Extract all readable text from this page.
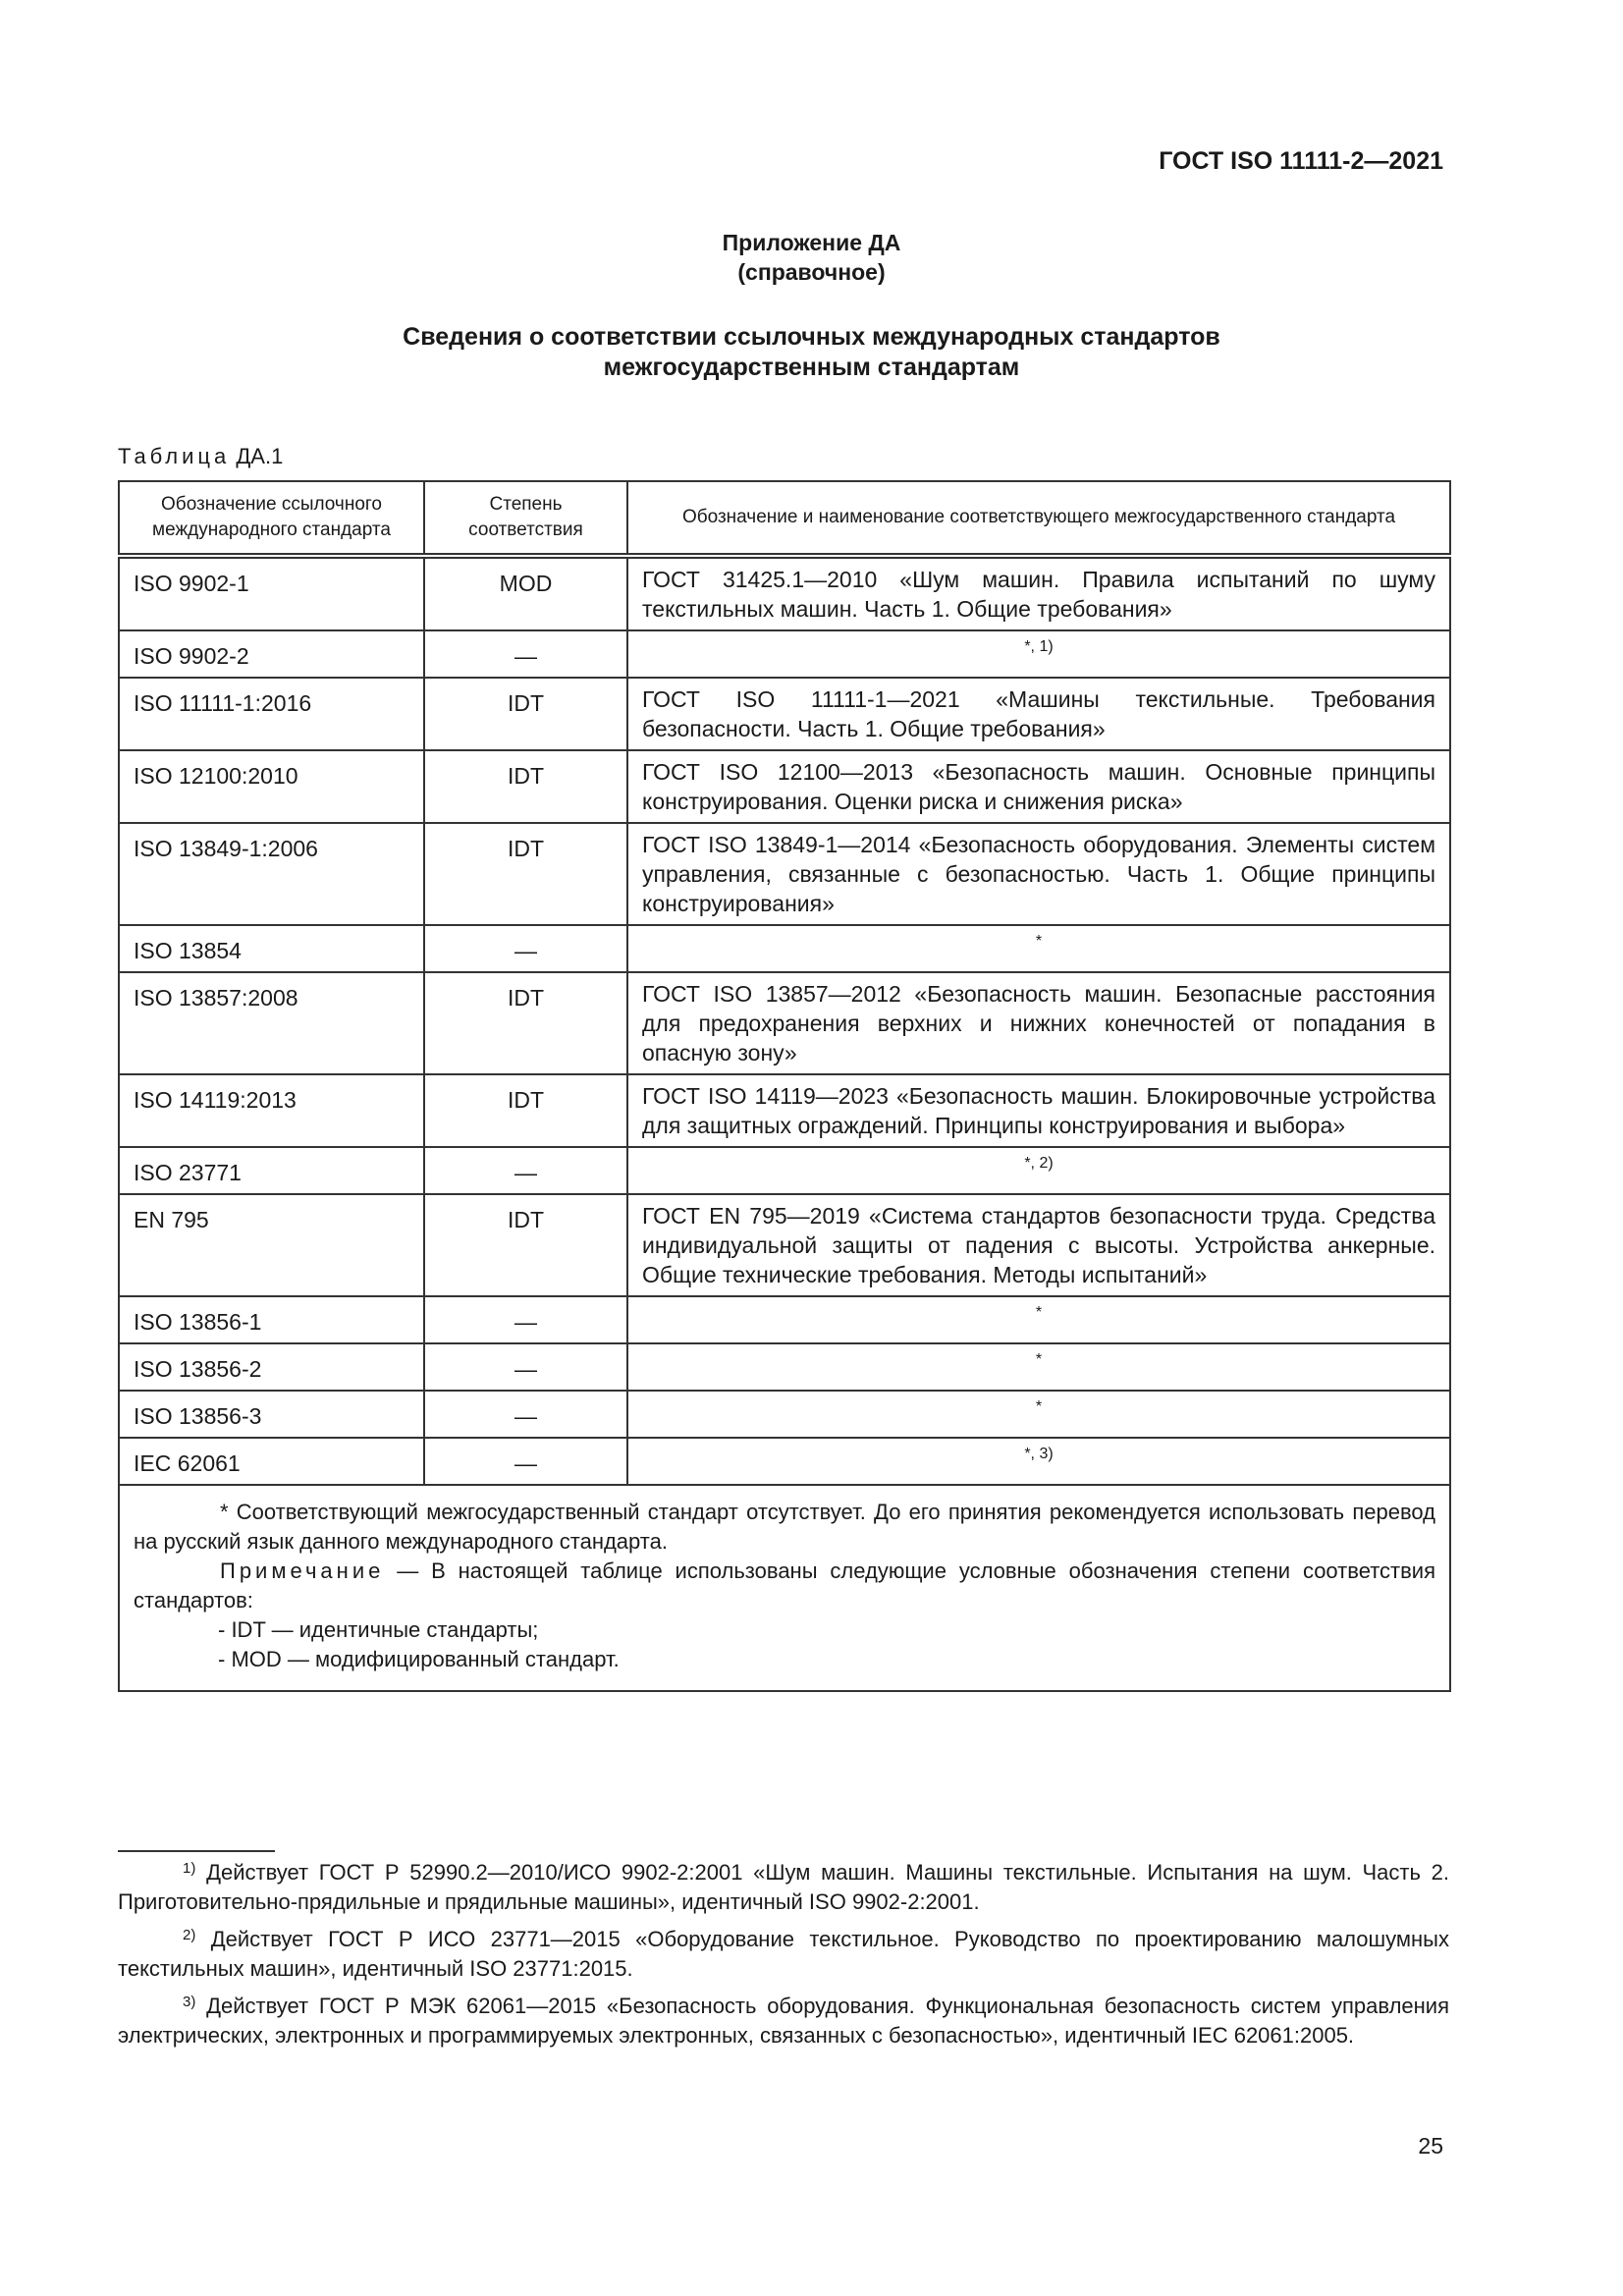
ГОСТ ISO 11111-2—2021
Приложение ДА
(справочное)
Сведения о соответствии ссылочных международных стандартов
межгосударственным стандартам
Таблица ДА.1
Обозначение ссылочного международного стандарта	Степень соответствия	Обозначение и наименование соответствующего межгосударственного стандарта
ISO 9902-1	MOD	ГОСТ 31425.1—2010 «Шум машин. Правила испытаний по шуму текстильных машин. Часть 1. Общие требования»
ISO 9902-2	—	*, 1)
ISO 11111-1:2016	IDT	ГОСТ ISO 11111-1—2021 «Машины текстильные. Требования безопасности. Часть 1. Общие требования»
ISO 12100:2010	IDT	ГОСТ ISO 12100—2013 «Безопасность машин. Основные принципы конструирования. Оценки риска и снижения риска»
ISO 13849-1:2006	IDT	ГОСТ ISO 13849-1—2014 «Безопасность оборудования. Элементы систем управления, связанные с безопасностью. Часть 1. Общие принципы конструирования»
ISO 13854	—	*
ISO 13857:2008	IDT	ГОСТ ISO 13857—2012 «Безопасность машин. Безопасные расстояния для предохранения верхних и нижних конечностей от попадания в опасную зону»
ISO 14119:2013	IDT	ГОСТ ISO 14119—2023 «Безопасность машин. Блокировочные устройства для защитных ограждений. Принципы конструирования и выбора»
ISO 23771	—	*, 2)
EN 795	IDT	ГОСТ EN 795—2019 «Система стандартов безопасности труда. Средства индивидуальной защиты от падения с высоты. Устройства анкерные. Общие технические требования. Методы испытаний»
ISO 13856-1	—	*
ISO 13856-2	—	*
ISO 13856-3	—	*
IEC 62061	—	*, 3)

* Соответствующий межгосударственный стандарт отсутствует. До его принятия рекомендуется использовать перевод на русский язык данного международного стандарта.
Примечание — В настоящей таблице использованы следующие условные обозначения степени соответствия стандартов:
- IDT — идентичные стандарты;
- MOD — модифицированный стандарт.		
$^{1)}$ Действует ГОСТ Р 52990.2—2010/ИСО 9902-2:2001 «Шум машин. Машины текстильные. Испытания на шум. Часть 2. Приготовительно-прядильные и прядильные машины», идентичный ISO 9902-2:2001.
$^{2)}$ Действует ГОСТ Р ИСО 23771—2015 «Оборудование текстильное. Руководство по проектированию малошумных текстильных машин», идентичный ISO 23771:2015.
$^{3)}$ Действует ГОСТ Р МЭК 62061—2015 «Безопасность оборудования. Функциональная безопасность систем управления электрических, электронных и программируемых электронных, связанных с безопасностью», идентичный IEC 62061:2005.
25
